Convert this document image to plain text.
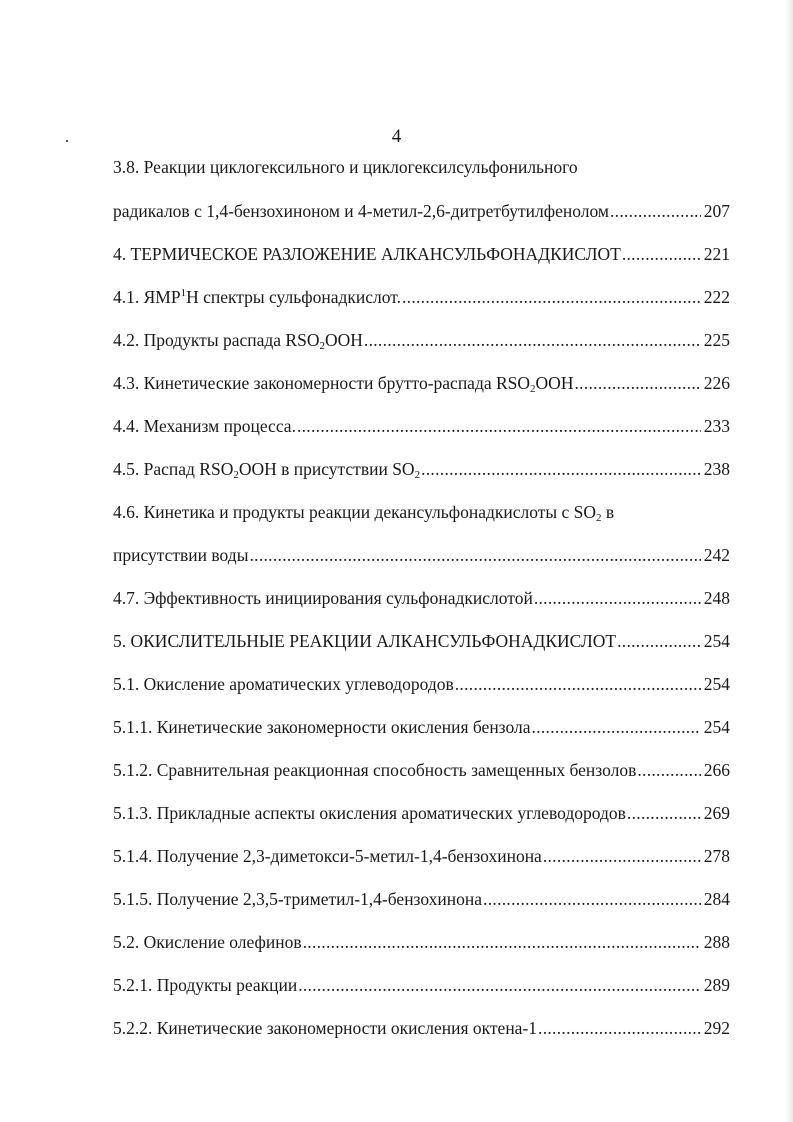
4
3.8. Реакции циклогексильного и циклогексилсульфонильного
радикалов с 1,4-бензохиноном и 4-метил-2,6-дитретбутилфенолом .....	207
4. ТЕРМИЧЕСКОЕ РАЗЛОЖЕНИЕ АЛКАНСУЛЬФОНАДКИСЛОТ .....	221
4.1. ЯМР$^1$Н спектры сульфонадкислот. .....	222
4.2. Продукты распада $RSO_2OOH$ .....	225
4.3. Кинетические закономерности брутто-распада $RSO_2OOH$ .....	226
4.4. Механизм процесса. .....	233
4.5. Распад $RSO_2OOH$ в присутствии $SO_2$ .....	238
4.6. Кинетика и продукты реакции декансульфонадкислоты с $SO_2$ в
присутствии воды .....	242
4.7. Эффективность инициирования сульфонадкислотой .....	248
5. ОКИСЛИТЕЛЬНЫЕ РЕАКЦИИ АЛКАНСУЛЬФОНАДКИСЛОТ .....	254
5.1. Окисление ароматических углеводородов .....	254
5.1.1. Кинетические закономерности окисления бензола .....	254
5.1.2. Сравнительная реакционная способность замещенных бензолов .....	266
5.1.3. Прикладные аспекты окисления ароматических углеводородов .....	269
5.1.4. Получение 2,3-диметокси-5-метил-1,4-бензохинона .....	278
5.1.5. Получение 2,3,5-триметил-1,4-бензохинона .....	284
5.2. Окисление олефинов .....	288
5.2.1. Продукты реакции .....	289
5.2.2. Кинетические закономерности окисления октена-1 .....	292
